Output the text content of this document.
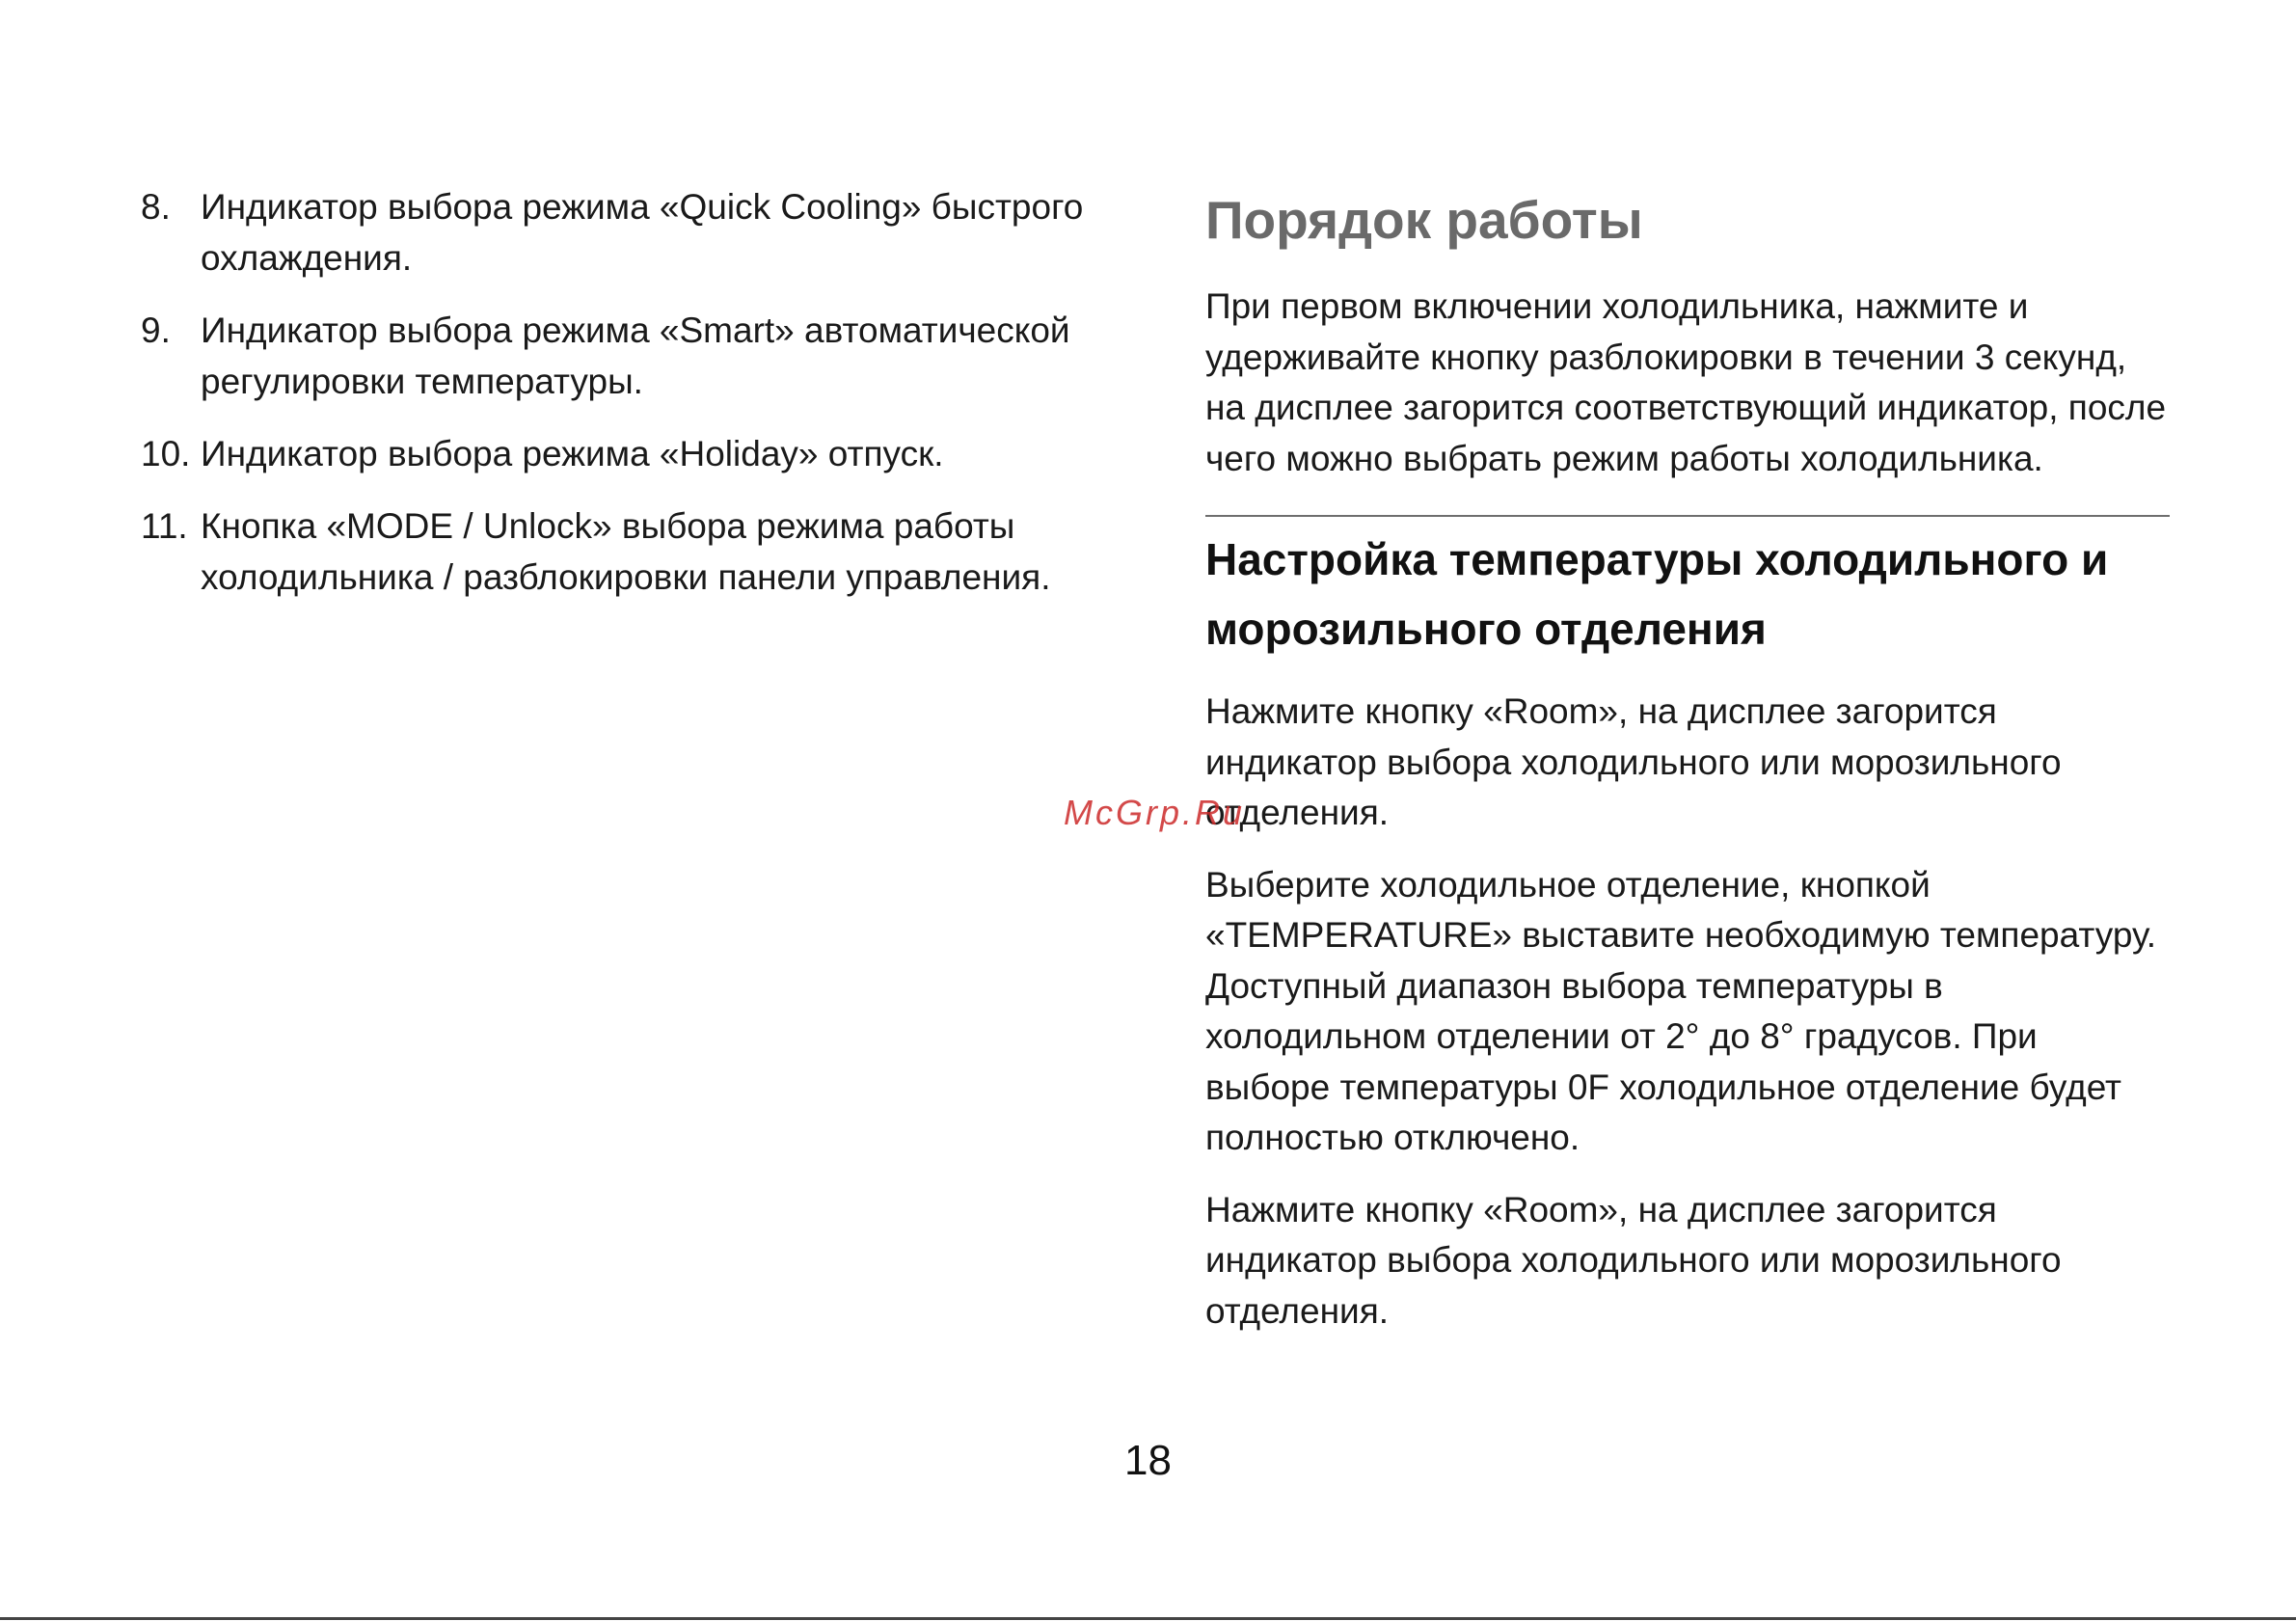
8. Индикатор выбора режима «Quick Cooling» быстрого охлаждения.
9. Индикатор выбора режима «Smart» автоматической регулировки температуры.
10. Индикатор выбора режима «Holiday» отпуск.
11. Кнопка «MODE / Unlock» выбора режима работы холодильника / разблокировки панели управления.
Порядок работы

При первом включении холодильника, нажмите и удерживайте кнопку разблокировки в течении 3 секунд, на дисплее загорится соответствующий индикатор, после чего можно выбрать режим работы холодильника.

Настройка температуры холодильного и морозильного отделения

Нажмите кнопку «Room», на дисплее загорится индикатор выбора холодильного или морозильного отделения.

Выберите холодильное отделение, кнопкой «TEMPERATURE» выставите необходимую температуру. Доступный диапазон выбора температуры в холодильном отделении от 2° до 8° градусов. При выборе температуры 0F холодильное отделение будет полностью отключено.

Нажмите кнопку «Room», на дисплее загорится индикатор выбора холодильного или морозильного отделения.

McGrp.Ru
18
